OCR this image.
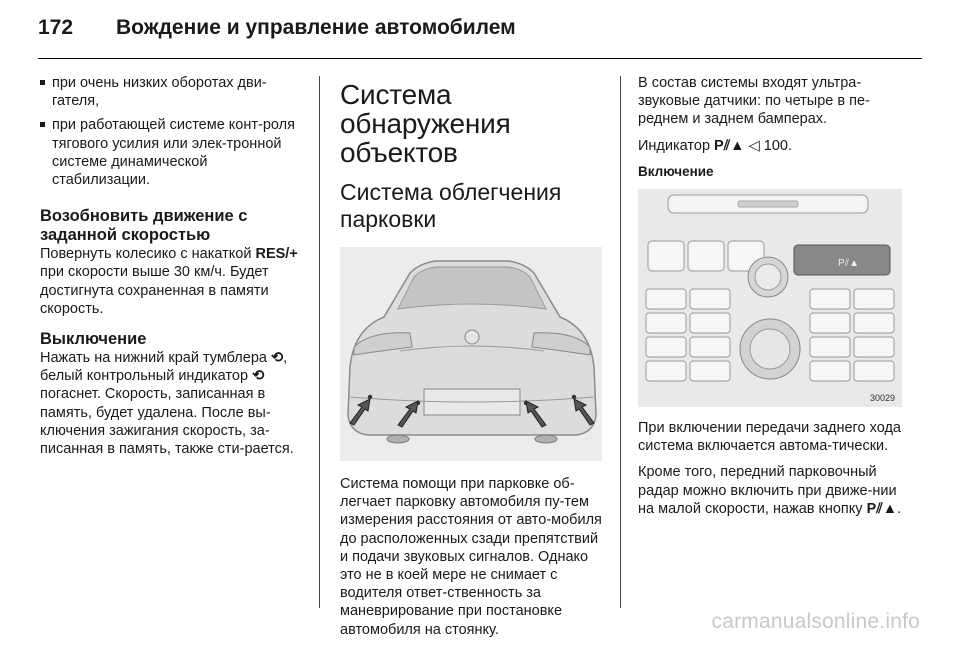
172	Вождение и управление автомобилем
при очень низких оборотах дви-гателя,
при работающей системе конт-роля тягового усилия или элек-тронной системе динамической стабилизации.
Возобновить движение с заданной скоростью
Повернуть колесико с накаткой RES/+ при скорости выше 30 км/ч. Будет достигнута сохраненная в памяти скорость.
Выключение
Нажать на нижний край тумблера ⟲, белый контрольный индикатор ⟲ погаснет. Скорость, записанная в память, будет удалена. После вы-ключения зажигания скорость, за-писанная в память, также сти-рается.
Система обнаружения объектов
Система облегчения парковки
Система помощи при парковке об-легчает парковку автомобиля пу-тем измерения расстояния от авто-мобиля до расположенных сзади препятствий и подачи звуковых сигналов. Однако это не в коей мере не снимает с водителя ответ-ственность за маневрирование при постановке автомобиля на стоянку.
В состав системы входят ультра-звуковые датчики: по четыре в пе-реднем и заднем бамперах.
Индикатор P⫽▲ ◁ 100.
Включение
P⫽▲
30029
При включении передачи заднего хода система включается автома-тически.
Кроме того, передний парковочный радар можно включить при движе-нии на малой скорости, нажав кнопку P⫽▲.
carmanualsonline.info
